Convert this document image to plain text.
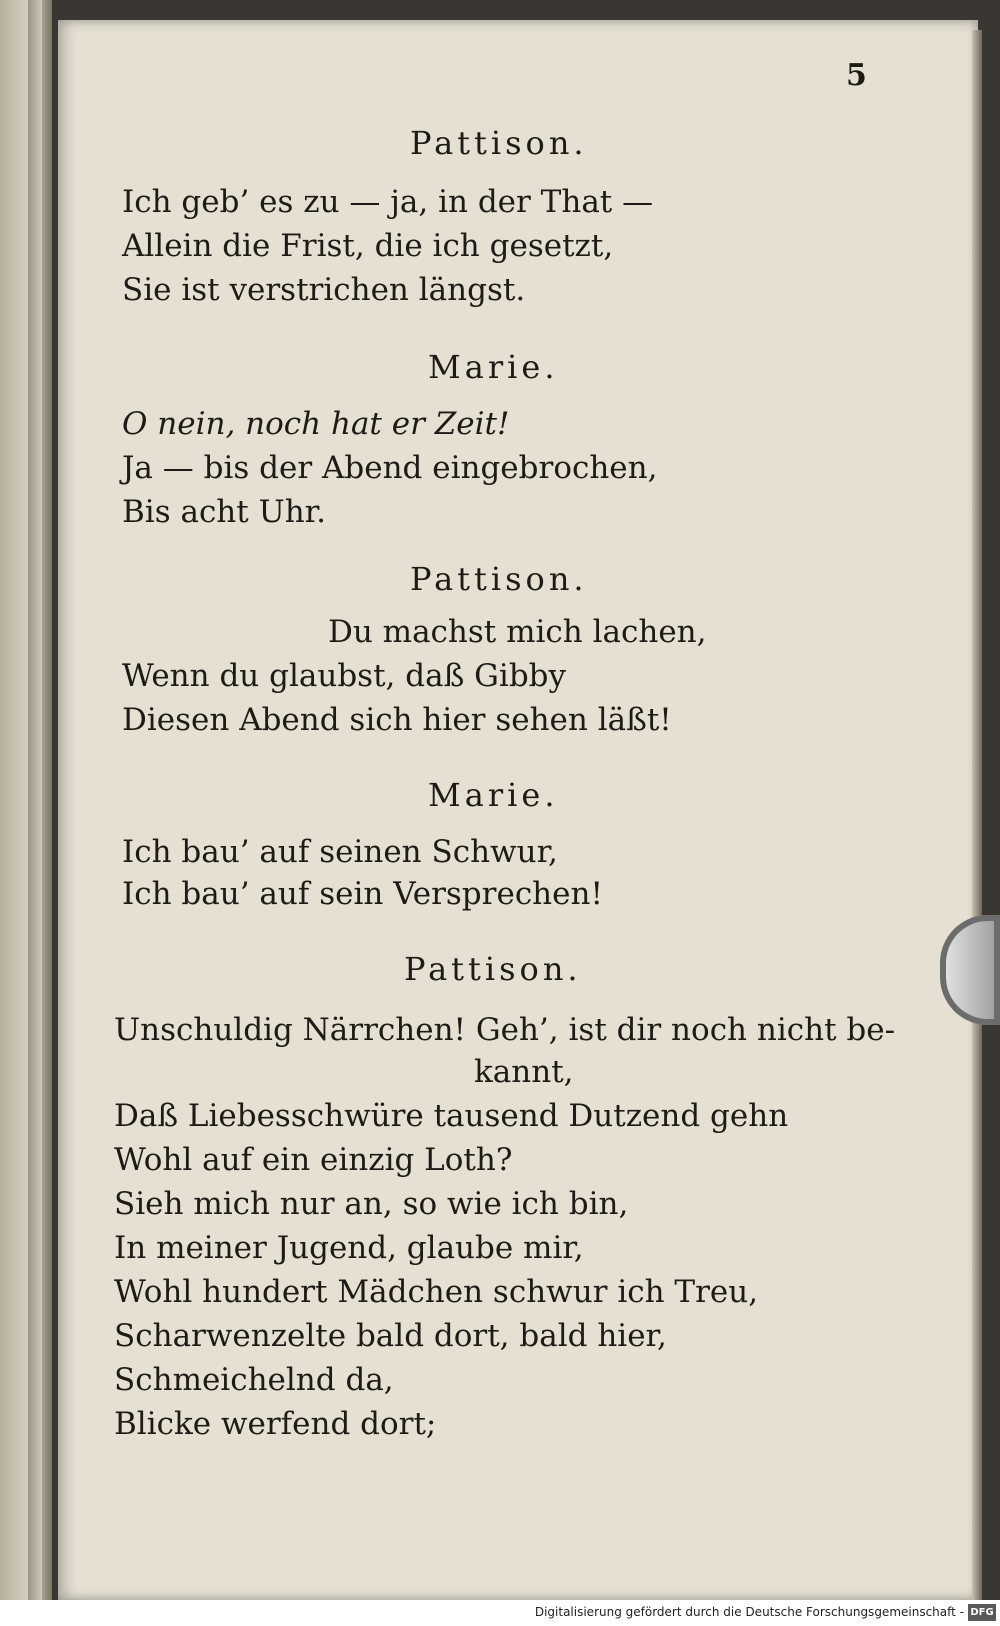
5
Pattison.
Ich geb’ es zu — ja, in der That —
Allein die Frist, die ich gesetzt,
Sie ist verstrichen längst.
Marie.
O nein, noch hat er Zeit!
Ja — bis der Abend eingebrochen,
Bis acht Uhr.
Pattison.
Du machst mich lachen,
Wenn du glaubst, daß Gibby
Diesen Abend sich hier sehen läßt!
Marie.
Ich bau’ auf seinen Schwur,
Ich bau’ auf sein Versprechen!
Pattison.
Unschuldig Närrchen! Geh’, ist dir noch nicht be-
kannt,
Daß Liebesschwüre tausend Dutzend gehn
Wohl auf ein einzig Loth?
Sieh mich nur an, so wie ich bin,
In meiner Jugend, glaube mir,
Wohl hundert Mädchen schwur ich Treu,
Scharwenzelte bald dort, bald hier,
Schmeichelnd da,
Blicke werfend dort;
Digitalisierung gefördert durch die Deutsche Forschungsgemeinschaft - DFG
